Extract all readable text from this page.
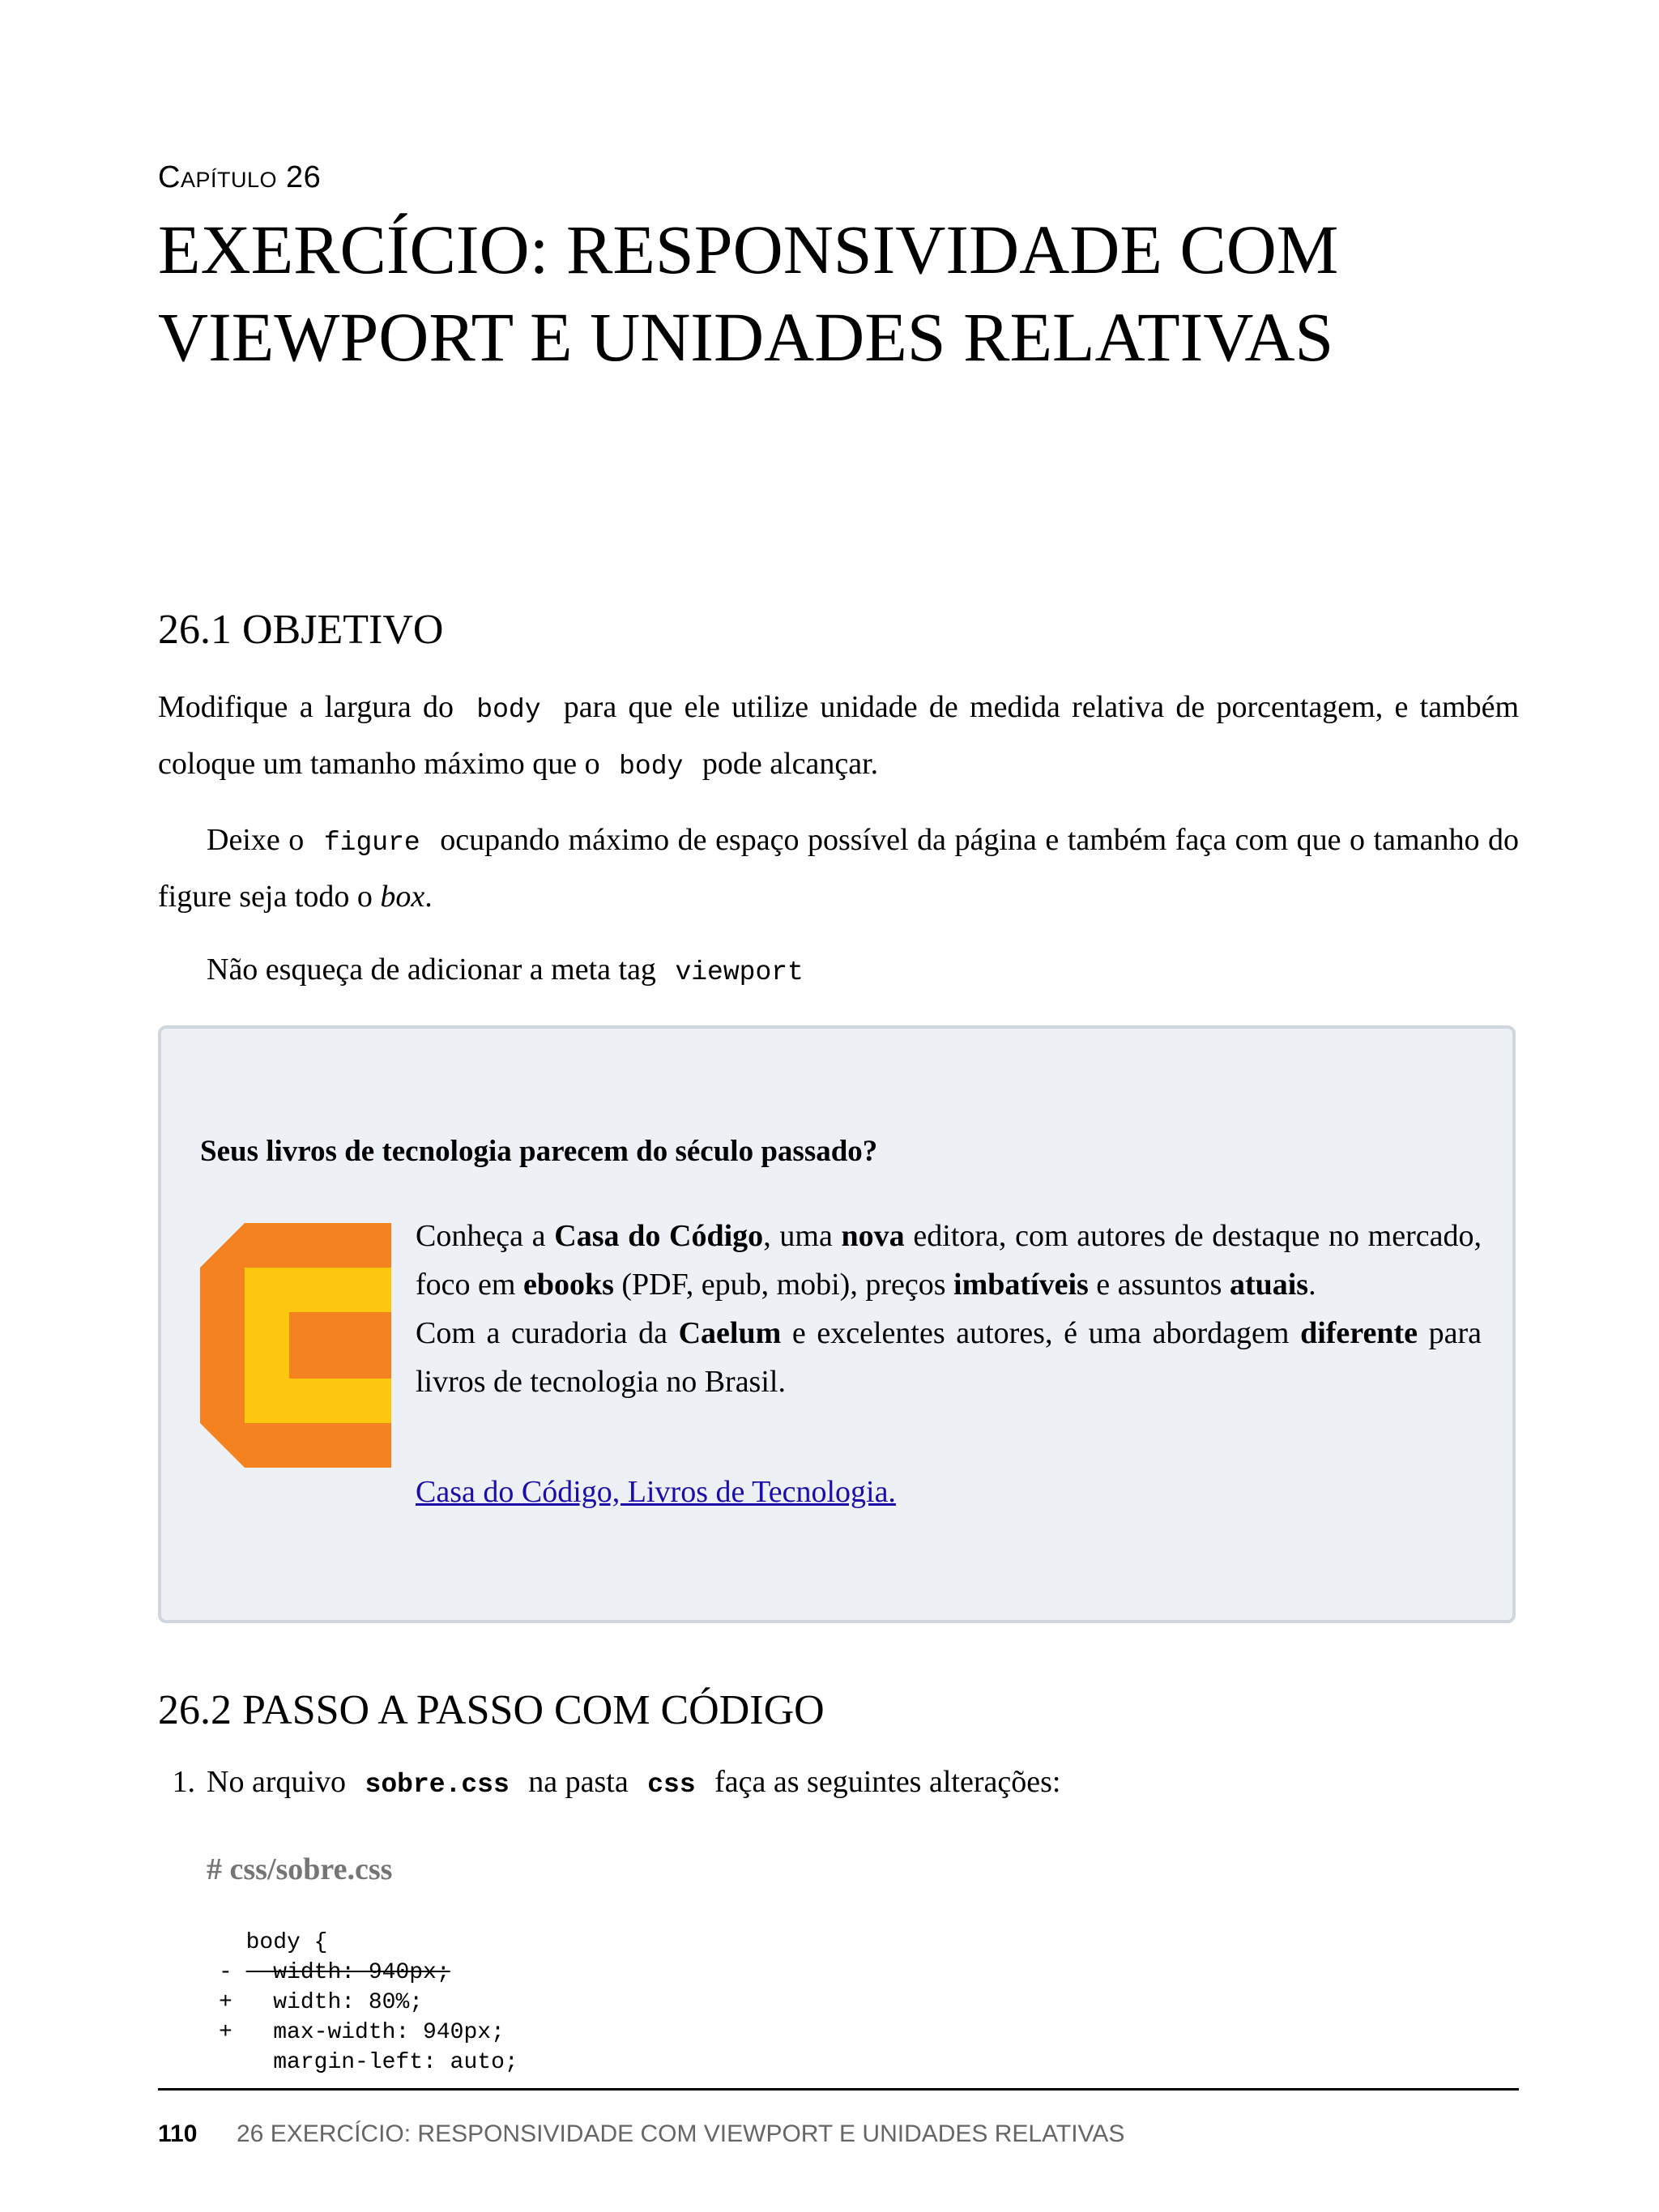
Capítulo 26
EXERCÍCIO: RESPONSIVIDADE COM
VIEWPORT E UNIDADES RELATIVAS
26.1 OBJETIVO

Modifique a largura do body para que ele utilize unidade de medida relativa de porcentagem, e também coloque um tamanho máximo que o body pode alcançar.

Deixe o figure ocupando máximo de espaço possível da página e também faça com que o tamanho do figure seja todo o box.

Não esqueça de adicionar a meta tag viewport

Seus livros de tecnologia parecem do século passado?
Conheça a Casa do Código, uma nova editora, com autores de destaque no mercado, foco em ebooks (PDF, epub, mobi), preços imbatíveis e assuntos atuais.
Com a curadoria da Caelum e excelentes autores, é uma abordagem diferente para livros de tecnologia no Brasil.
Casa do Código, Livros de Tecnologia.
26.2 PASSO A PASSO COM CÓDIGO
1. No arquivo sobre.css na pasta css faça as seguintes alterações:
# css/sobre.css
body {
-   width: 940px;
+   width: 80%;
+   max-width: 940px;
margin-left: auto;
110 26 EXERCÍCIO: RESPONSIVIDADE COM VIEWPORT E UNIDADES RELATIVAS
